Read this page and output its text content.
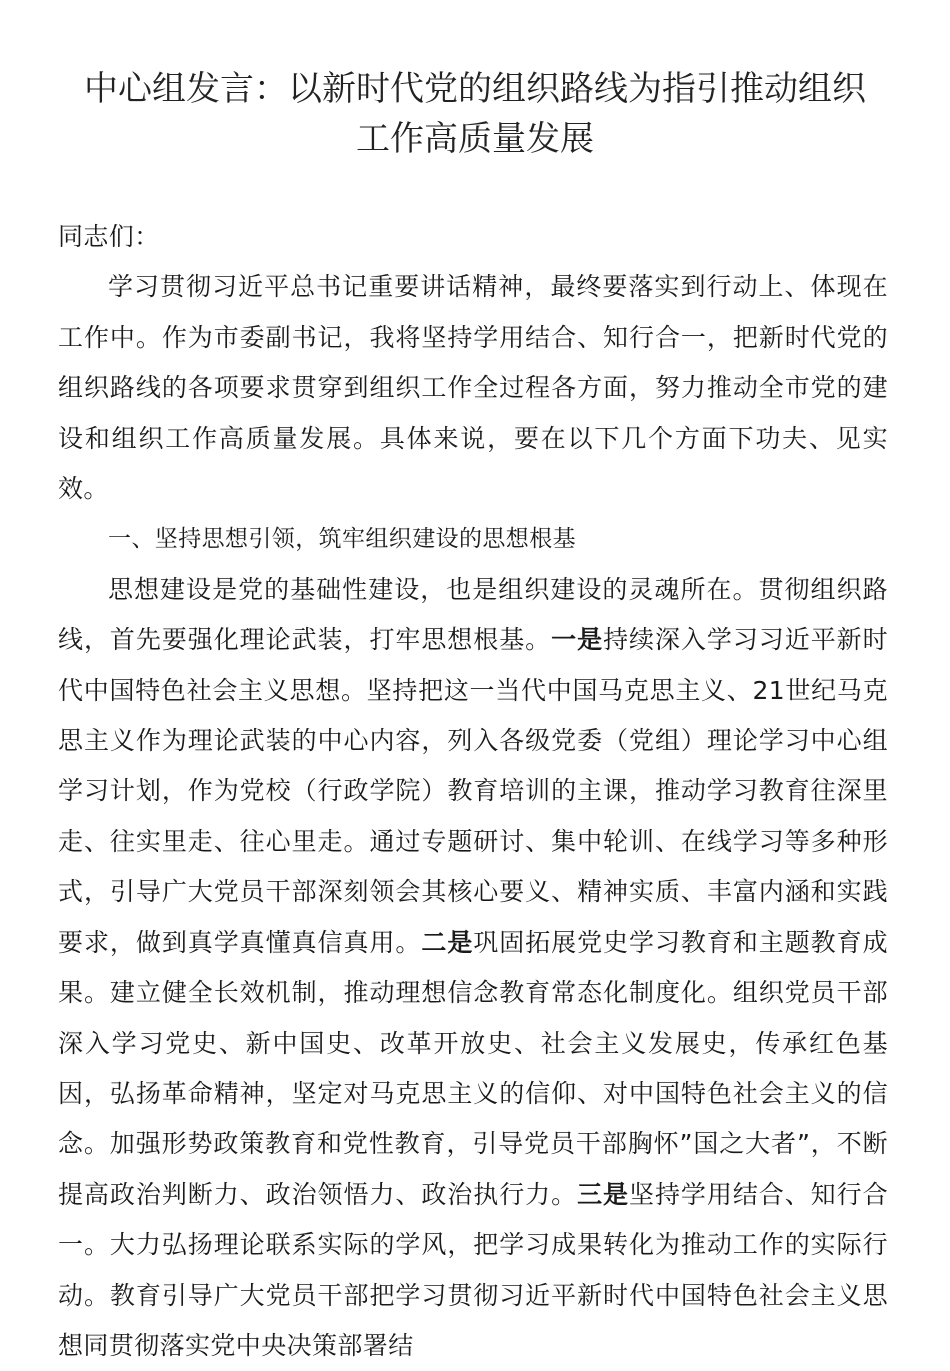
中心组发言：以新时代党的组织路线为指引推动组织
工作高质量发展

同志们：

学习贯彻习近平总书记重要讲话精神，最终要落实到行动上、体现在工作中。作为市委副书记，我将坚持学用结合、知行合一，把新时代党的组织路线的各项要求贯穿到组织工作全过程各方面，努力推动全市党的建设和组织工作高质量发展。具体来说，要在以下几个方面下功夫、见实效。

一、坚持思想引领，筑牢组织建设的思想根基

思想建设是党的基础性建设，也是组织建设的灵魂所在。贯彻组织路线，首先要强化理论武装，打牢思想根基。一是持续深入学习习近平新时代中国特色社会主义思想。坚持把这一当代中国马克思主义、21世纪马克思主义作为理论武装的中心内容，列入各级党委（党组）理论学习中心组学习计划，作为党校（行政学院）教育培训的主课，推动学习教育往深里走、往实里走、往心里走。通过专题研讨、集中轮训、在线学习等多种形式，引导广大党员干部深刻领会其核心要义、精神实质、丰富内涵和实践要求，做到真学真懂真信真用。二是巩固拓展党史学习教育和主题教育成果。建立健全长效机制，推动理想信念教育常态化制度化。组织党员干部深入学习党史、新中国史、改革开放史、社会主义发展史，传承红色基因，弘扬革命精神，坚定对马克思主义的信仰、对中国特色社会主义的信念。加强形势政策教育和党性教育，引导党员干部胸怀”国之大者”，不断提高政治判断力、政治领悟力、政治执行力。三是坚持学用结合、知行合一。大力弘扬理论联系实际的学风，把学习成果转化为推动工作的实际行动。教育引导广大党员干部把学习贯彻习近平新时代中国特色社会主义思想同贯彻落实党中央决策部署结
